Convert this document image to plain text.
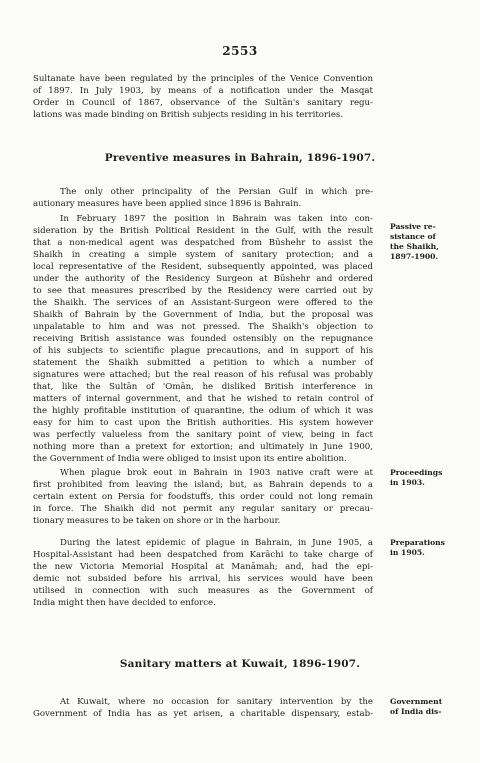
2553
Sultanate have been regulated by the principles of the Venice Convention
of 1897. In July 1903, by means of a notification under the Masqat
Order in Council of 1867, observance of the Sultān's sanitary regu-
lations was made binding on British subjects residing in his territories.
The only other principality of the Persian Gulf in which pre-
autionary measures have been applied since 1896 is Bahrain.
In February 1897 the position in Bahrain was taken into con-
sideration by the British Political Resident in the Gulf, with the result
that a non-medical agent was despatched from Būshehr to assist the
Shaikh in creating a simple system of sanitary protection; and a
local representative of the Resident, subsequently appointed, was placed
under the authority of the Residency Surgeon at Būshehr and ordered
to see that measures prescribed by the Residency were carried out by
the Shaikh. The services of an Assistant-Surgeon were offered to the
Shaikh of Bahrain by the Government of India, but the proposal was
unpalatable to him and was not pressed. The Shaikh's objection to
receiving British assistance was founded ostensibly on the repugnance
of his subjects to scientific plague precautions, and in support of his
statement the Shaikh submitted a petition to which a number of
signatures were attached; but the real reason of his refusal was probably
that, like the Sultān of 'Omān, he disliked British interference in
matters of internal government, and that he wished to retain control of
the highly profitable institution of quarantine, the odium of which it was
easy for him to cast upon the British authorities. His system however
was perfectly valueless from the sanitary point of view, being in fact
nothing more than a pretext for extortion; and ultimately in June 1900,
the Government of India were obliged to insist upon its entire abolition.
When plague brok eout in Bahrain in 1903 native craft were at
first prohibited from leaving the island; but, as Bahrain depends to a
certain extent on Persia for foodstuffs, this order could not long remain
in force. The Shaikh did not permit any regular sanitary or precau-
tionary measures to be taken on shore or in the harbour.
During the latest epidemic of plague in Bahrain, in June 1905, a
Hospital-Assistant had been despatched from Karāchi to take charge of
the new Victoria Memorial Hospital at Manāmah; and, had the epi-
demic not subsided before his arrival, his services would have been
utilised in connection with such measures as the Government of
India might then have decided to enforce.
At Kuwait, where no occasion for sanitary intervention by the
Government of India has as yet arisen, a charitable dispensary, estab-
Preventive measures in Bahrain, 1896-1907.
Sanitary matters at Kuwait, 1896-1907.
Passive re-
sistance of
the Shaikh,
1897-1900.
Proceedings
in 1903.
Preparations
in 1905.
Government
of India dis-
